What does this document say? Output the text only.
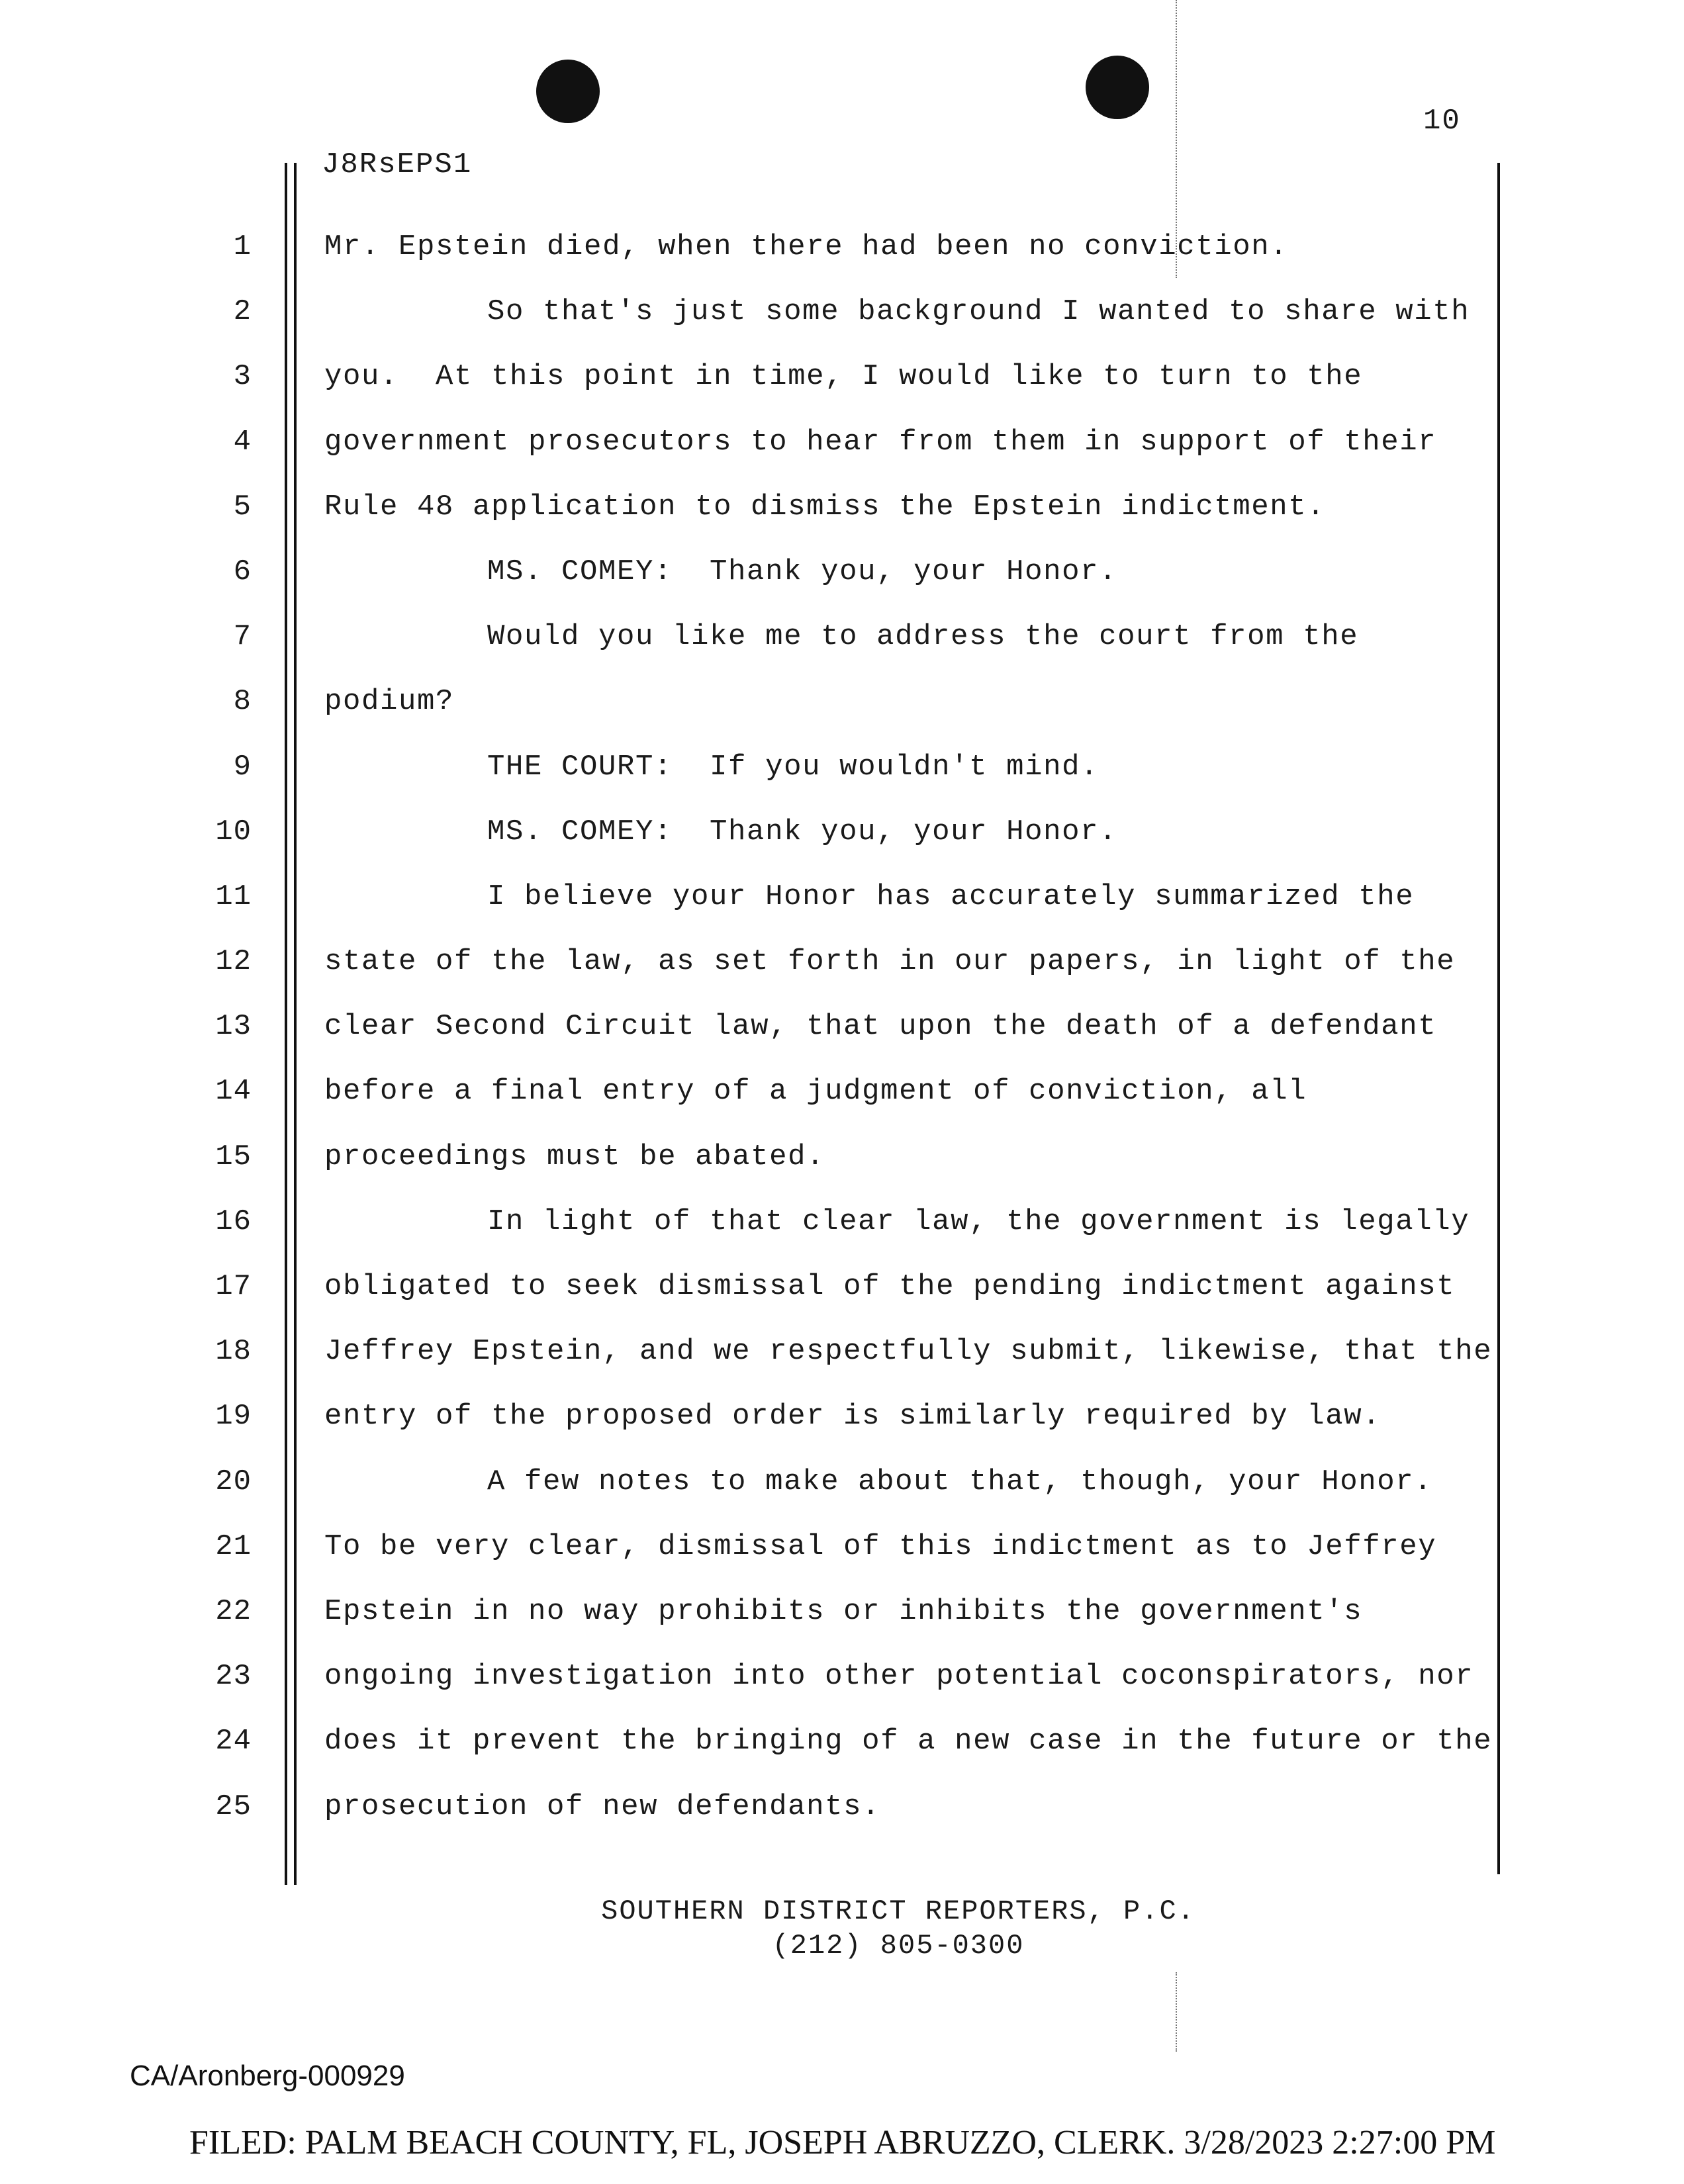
10
J8RsEPS1
1	Mr. Epstein died, when there had been no conviction.
2	So that's just some background I wanted to share with
3	you.  At this point in time, I would like to turn to the
4	government prosecutors to hear from them in support of their
5	Rule 48 application to dismiss the Epstein indictment.
6	MS. COMEY:  Thank you, your Honor.
7	Would you like me to address the court from the
8	podium?
9	THE COURT:  If you wouldn't mind.
10	MS. COMEY:  Thank you, your Honor.
11	I believe your Honor has accurately summarized the
12	state of the law, as set forth in our papers, in light of the
13	clear Second Circuit law, that upon the death of a defendant
14	before a final entry of a judgment of conviction, all
15	proceedings must be abated.
16	In light of that clear law, the government is legally
17	obligated to seek dismissal of the pending indictment against
18	Jeffrey Epstein, and we respectfully submit, likewise, that the
19	entry of the proposed order is similarly required by law.
20	A few notes to make about that, though, your Honor.
21	To be very clear, dismissal of this indictment as to Jeffrey
22	Epstein in no way prohibits or inhibits the government's
23	ongoing investigation into other potential coconspirators, nor
24	does it prevent the bringing of a new case in the future or the
25	prosecution of new defendants.
SOUTHERN DISTRICT REPORTERS, P.C.
(212) 805-0300
CA/Aronberg-000929
FILED: PALM BEACH COUNTY, FL, JOSEPH ABRUZZO, CLERK. 3/28/2023 2:27:00 PM
